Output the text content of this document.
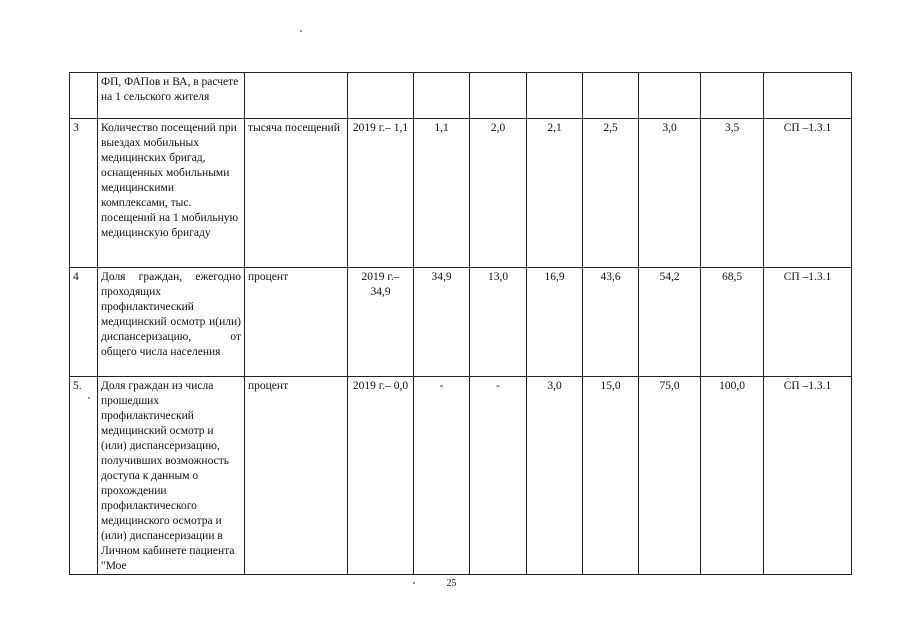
	ФП, ФАПов и ВА, в расчете на 1 сельского жителя									
3	Количество посещений при выездах мобильных медицинских бригад, оснащенных мобильными медицинскими комплексами, тыс. посещений на 1 мобильную медицинскую бригаду	тысяча посещений	2019 г.– 1,1	1,1	2,0	2,1	2,5	3,0	3,5	СП –1.3.1
4	Доля граждан, ежегодно проходящих профилактический медицинский осмотр и(или) диспансеризацию, от общего числа населения	процент	2019 г.– 34,9	34,9	13,0	16,9	43,6	54,2	68,5	СП –1.3.1
5.	Доля граждан из числа прошедших профилактический медицинский осмотр и (или) диспансеризацию, получивших возможность доступа к данным о прохождении профилактического медицинского осмотра и (или) диспансеризации в Личном кабинете пациента "Мое	процент	2019 г.– 0,0	-	-	3,0	15,0	75,0	100,0	СП –1.3.1
25
